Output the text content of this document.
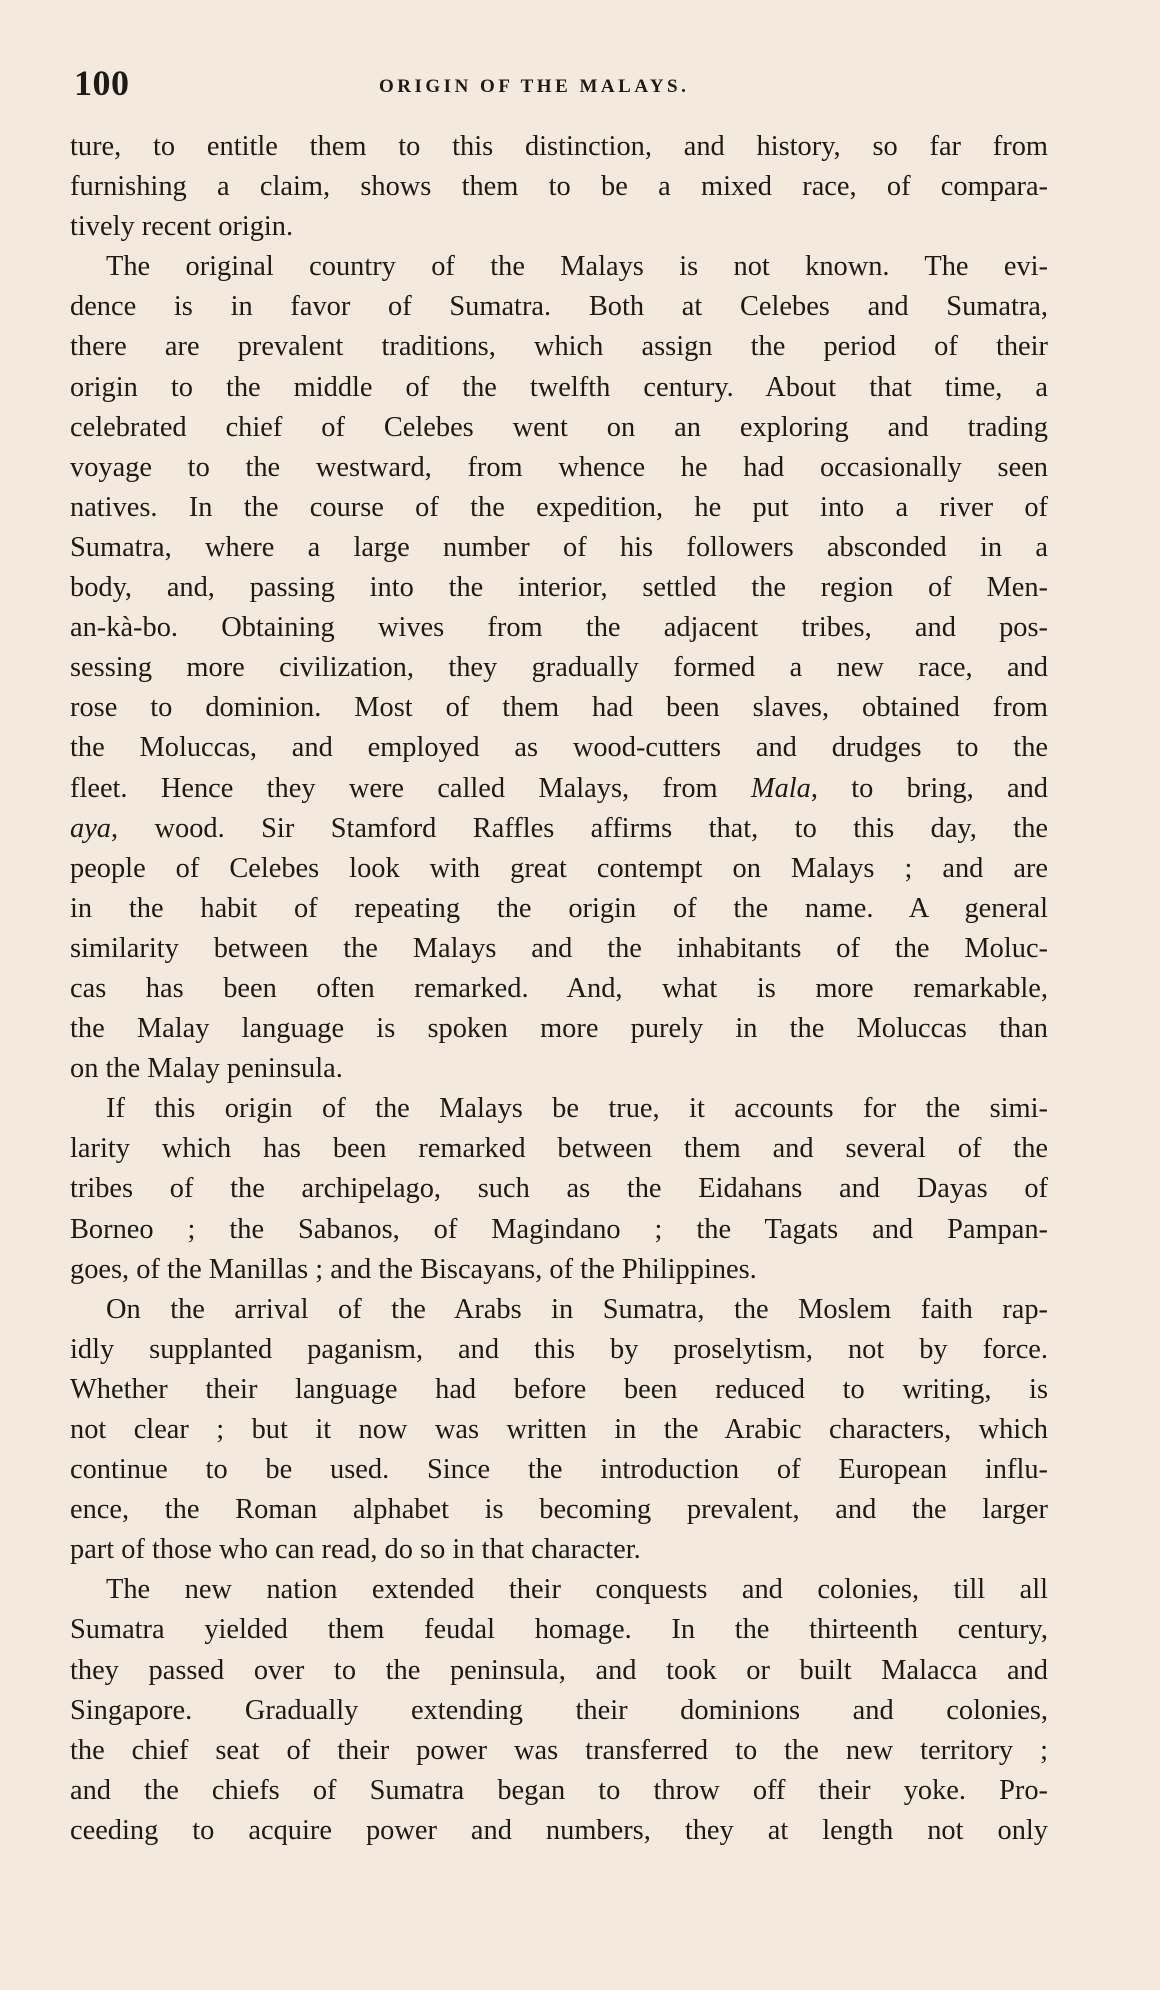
100	ORIGIN OF THE MALAYS.
ture, to entitle them to this distinction, and history, so far from
furnishing a claim, shows them to be a mixed race, of compara-
tively recent origin.
The original country of the Malays is not known. The evi-
dence is in favor of Sumatra. Both at Celebes and Sumatra,
there are prevalent traditions, which assign the period of their
origin to the middle of the twelfth century. About that time, a
celebrated chief of Celebes went on an exploring and trading
voyage to the westward, from whence he had occasionally seen
natives. In the course of the expedition, he put into a river of
Sumatra, where a large number of his followers absconded in a
body, and, passing into the interior, settled the region of Men-
an-kà-bo. Obtaining wives from the adjacent tribes, and pos-
sessing more civilization, they gradually formed a new race, and
rose to dominion. Most of them had been slaves, obtained from
the Moluccas, and employed as wood-cutters and drudges to the
fleet. Hence they were called Malays, from Mala, to bring, and
aya, wood. Sir Stamford Raffles affirms that, to this day, the
people of Celebes look with great contempt on Malays ; and are
in the habit of repeating the origin of the name. A general
similarity between the Malays and the inhabitants of the Moluc-
cas has been often remarked. And, what is more remarkable,
the Malay language is spoken more purely in the Moluccas than
on the Malay peninsula.
If this origin of the Malays be true, it accounts for the simi-
larity which has been remarked between them and several of the
tribes of the archipelago, such as the Eidahans and Dayas of
Borneo ; the Sabanos, of Magindano ; the Tagats and Pampan-
goes, of the Manillas ; and the Biscayans, of the Philippines.
On the arrival of the Arabs in Sumatra, the Moslem faith rap-
idly supplanted paganism, and this by proselytism, not by force.
Whether their language had before been reduced to writing, is
not clear ; but it now was written in the Arabic characters, which
continue to be used. Since the introduction of European influ-
ence, the Roman alphabet is becoming prevalent, and the larger
part of those who can read, do so in that character.
The new nation extended their conquests and colonies, till all
Sumatra yielded them feudal homage. In the thirteenth century,
they passed over to the peninsula, and took or built Malacca and
Singapore. Gradually extending their dominions and colonies,
the chief seat of their power was transferred to the new territory ;
and the chiefs of Sumatra began to throw off their yoke. Pro-
ceeding to acquire power and numbers, they at length not only
